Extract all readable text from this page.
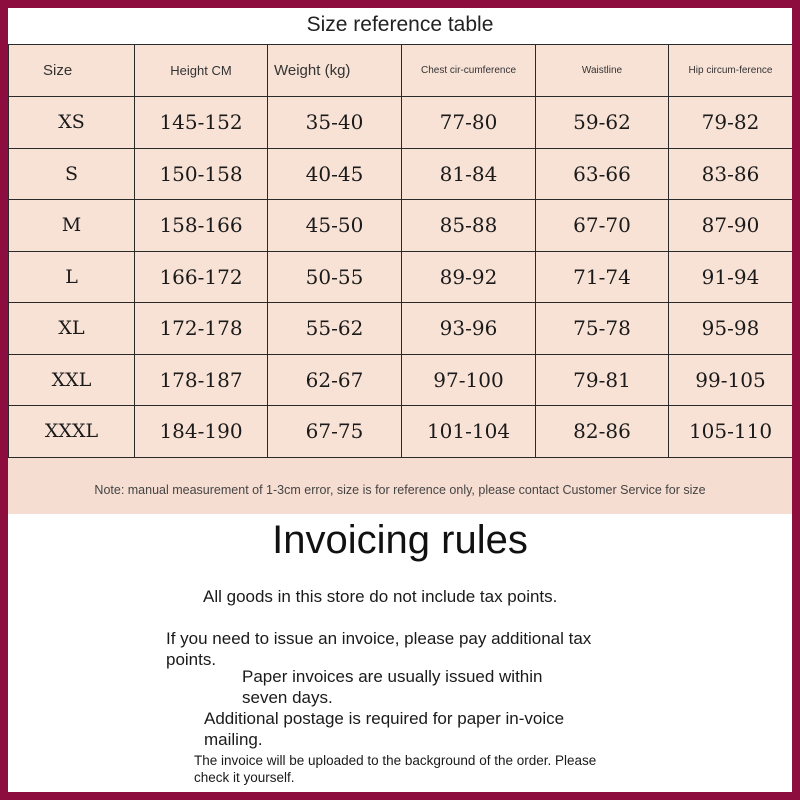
Size reference table
Size	Height CM	Weight (kg)	Chest cir-cumference	Waistline	Hip circum-ference
XS	145-152	35-40	77-80	59-62	79-82
S	150-158	40-45	81-84	63-66	83-86
M	158-166	45-50	85-88	67-70	87-90
L	166-172	50-55	89-92	71-74	91-94
XL	172-178	55-62	93-96	75-78	95-98
XXL	178-187	62-67	97-100	79-81	99-105
XXXL	184-190	67-75	101-104	82-86	105-110
Note: manual measurement of 1-3cm error, size is for reference only, please contact Customer Service for size
Invoicing rules
All goods in this store do not include tax points.
If you need to issue an invoice, please pay additional tax points.
Paper invoices are usually issued within seven days.
Additional postage is required for paper in-voice mailing.
The invoice will be uploaded to the background of the order. Please check it yourself.
